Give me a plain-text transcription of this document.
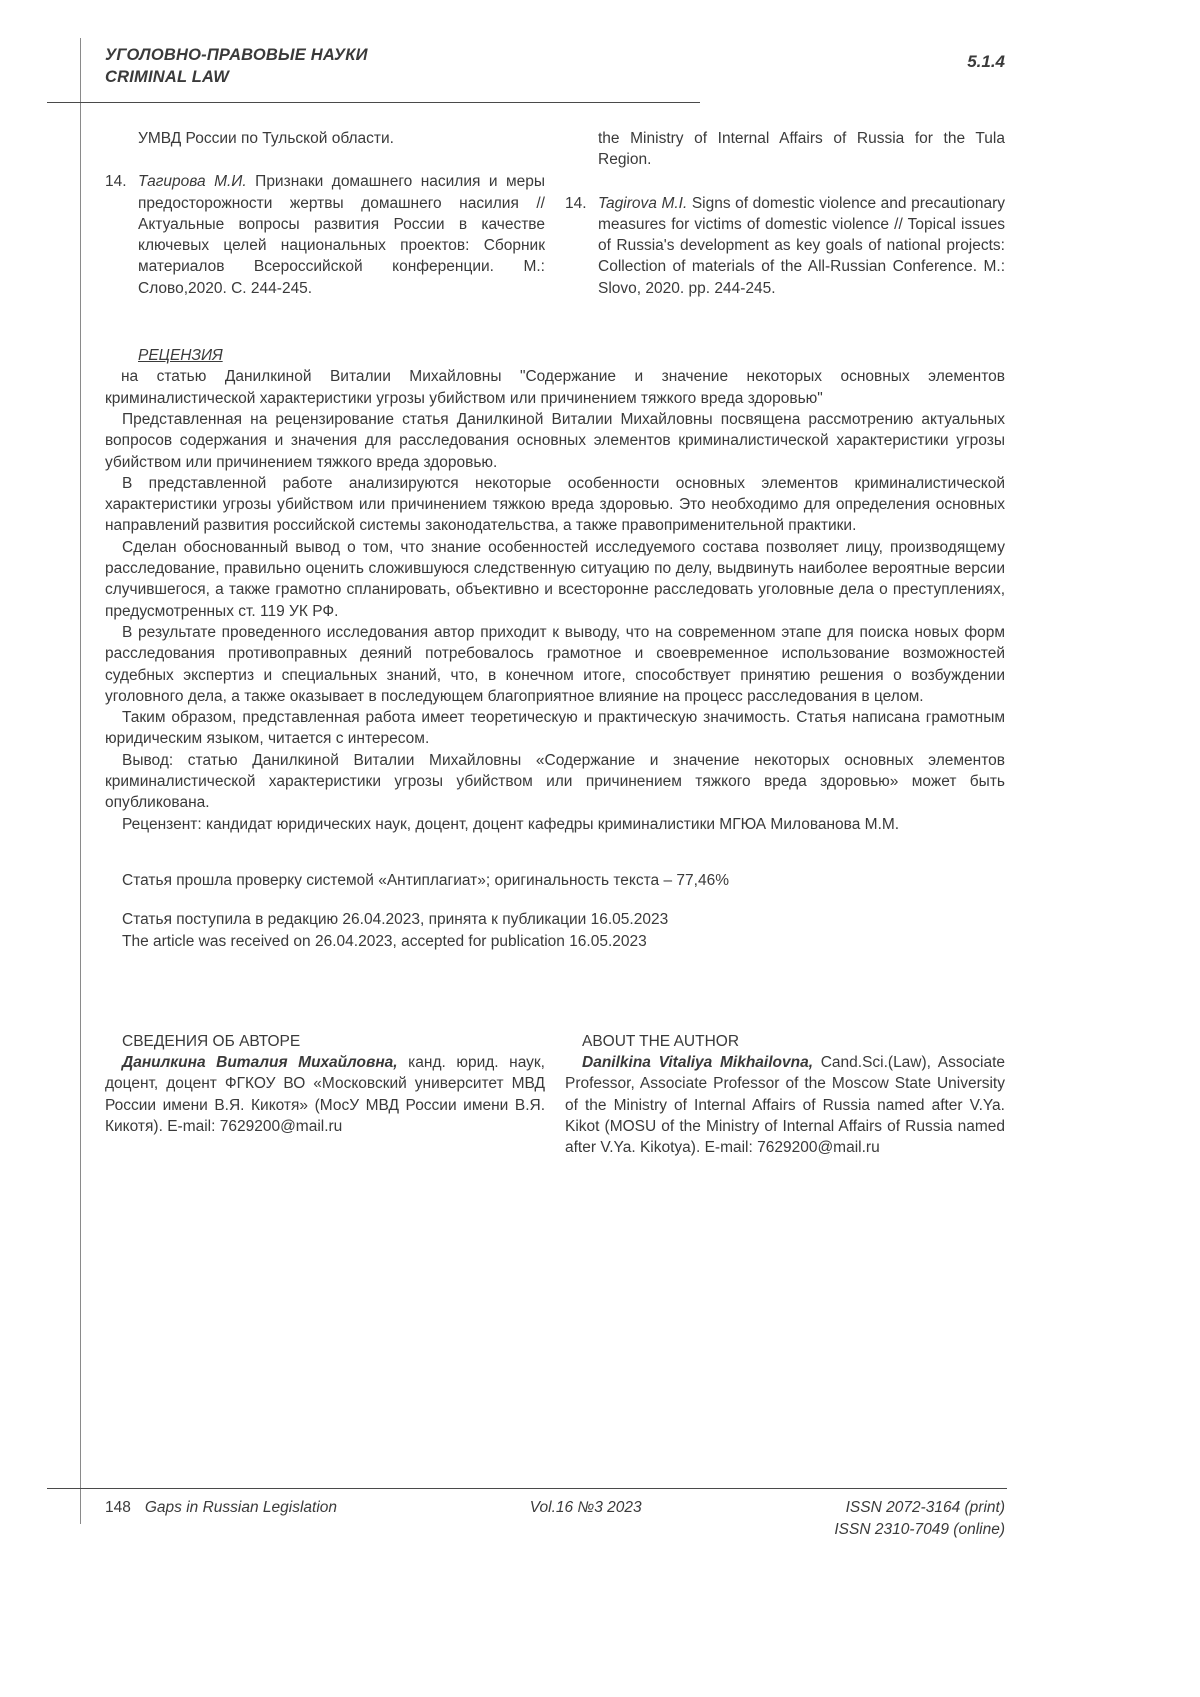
УГОЛОВНО-ПРАВОВЫЕ НАУКИ
CRIMINAL LAW
5.1.4

УМВД России по Тульской области.

14. Тагирова М.И. Признаки домашнего насилия и меры предосторожности жертвы домашнего насилия // Актуальные вопросы развития России в качестве ключевых целей национальных проектов: Сборник материалов Всероссийской конференции. М.: Слово,2020. С. 244-245.

the Ministry of Internal Affairs of Russia for the Tula Region.

14. Tagirova M.I. Signs of domestic violence and precautionary measures for victims of domestic violence // Topical issues of Russia's development as key goals of national projects: Collection of materials of the All-Russian Conference. М.: Slovo, 2020. pp. 244-245.

РЕЦЕНЗИЯ

на статью Данилкиной Виталии Михайловны "Содержание и значение некоторых основных элементов криминалистической характеристики угрозы убийством или причинением тяжкого вреда здоровью"

Представленная на рецензирование статья Данилкиной Виталии Михайловны посвящена рассмотрению актуальных вопросов содержания и значения для расследования основных элементов криминалистической характеристики угрозы убийством или причинением тяжкого вреда здоровью.

В представленной работе анализируются некоторые особенности основных элементов криминалистической характеристики угрозы убийством или причинением тяжкою вреда здоровью. Это необходимо для определения основных направлений развития российской системы законодательства, а также правоприменительной практики.

Сделан обоснованный вывод о том, что знание особенностей исследуемого состава позволяет лицу, производящему расследование, правильно оценить сложившуюся следственную ситуацию по делу, выдвинуть наиболее вероятные версии случившегося, а также грамотно спланировать, объективно и всесторонне расследовать уголовные дела о преступлениях, предусмотренных ст. 119 УК РФ.

В результате проведенного исследования автор приходит к выводу, что на современном этапе для поиска новых форм расследования противоправных деяний потребовалось грамотное и своевременное использование возможностей судебных экспертиз и специальных знаний, что, в конечном итоге, способствует принятию решения о возбуждении уголовного дела, а также оказывает в последующем благоприятное влияние на процесс расследования в целом.

Таким образом, представленная работа имеет теоретическую и практическую значимость. Статья написана грамотным юридическим языком, читается с интересом.

Вывод: статью Данилкиной Виталии Михайловны «Содержание и значение некоторых основных элементов криминалистической характеристики угрозы убийством или причинением тяжкого вреда здоровью» может быть опубликована.

Рецензент: кандидат юридических наук, доцент, доцент кафедры криминалистики МГЮА Милованова М.М.

Статья прошла проверку системой «Антиплагиат»; оригинальность текста – 77,46%

Статья поступила в редакцию 26.04.2023, принята к публикации 16.05.2023

The article was received on 26.04.2023, accepted for publication 16.05.2023

СВЕДЕНИЯ ОБ АВТОРЕ

Данилкина Виталия Михайловна, канд. юрид. наук, доцент, доцент ФГКОУ ВО «Московский университет МВД России имени В.Я. Кикотя» (МосУ МВД России имени В.Я. Кикотя). E-mail: 7629200@mail.ru

ABOUT THE AUTHOR

Danilkina Vitaliya Mikhailovna, Cand.Sci.(Law), Associate Professor, Associate Professor of the Moscow State University of the Ministry of Internal Affairs of Russia named after V.Ya. Kikot (MOSU of the Ministry of Internal Affairs of Russia named after V.Ya. Kikotya). E-mail: 7629200@mail.ru

148 Gaps in Russian Legislation	Vol.16 №3 2023	ISSN 2072-3164 (print)
ISSN 2310-7049 (online)
